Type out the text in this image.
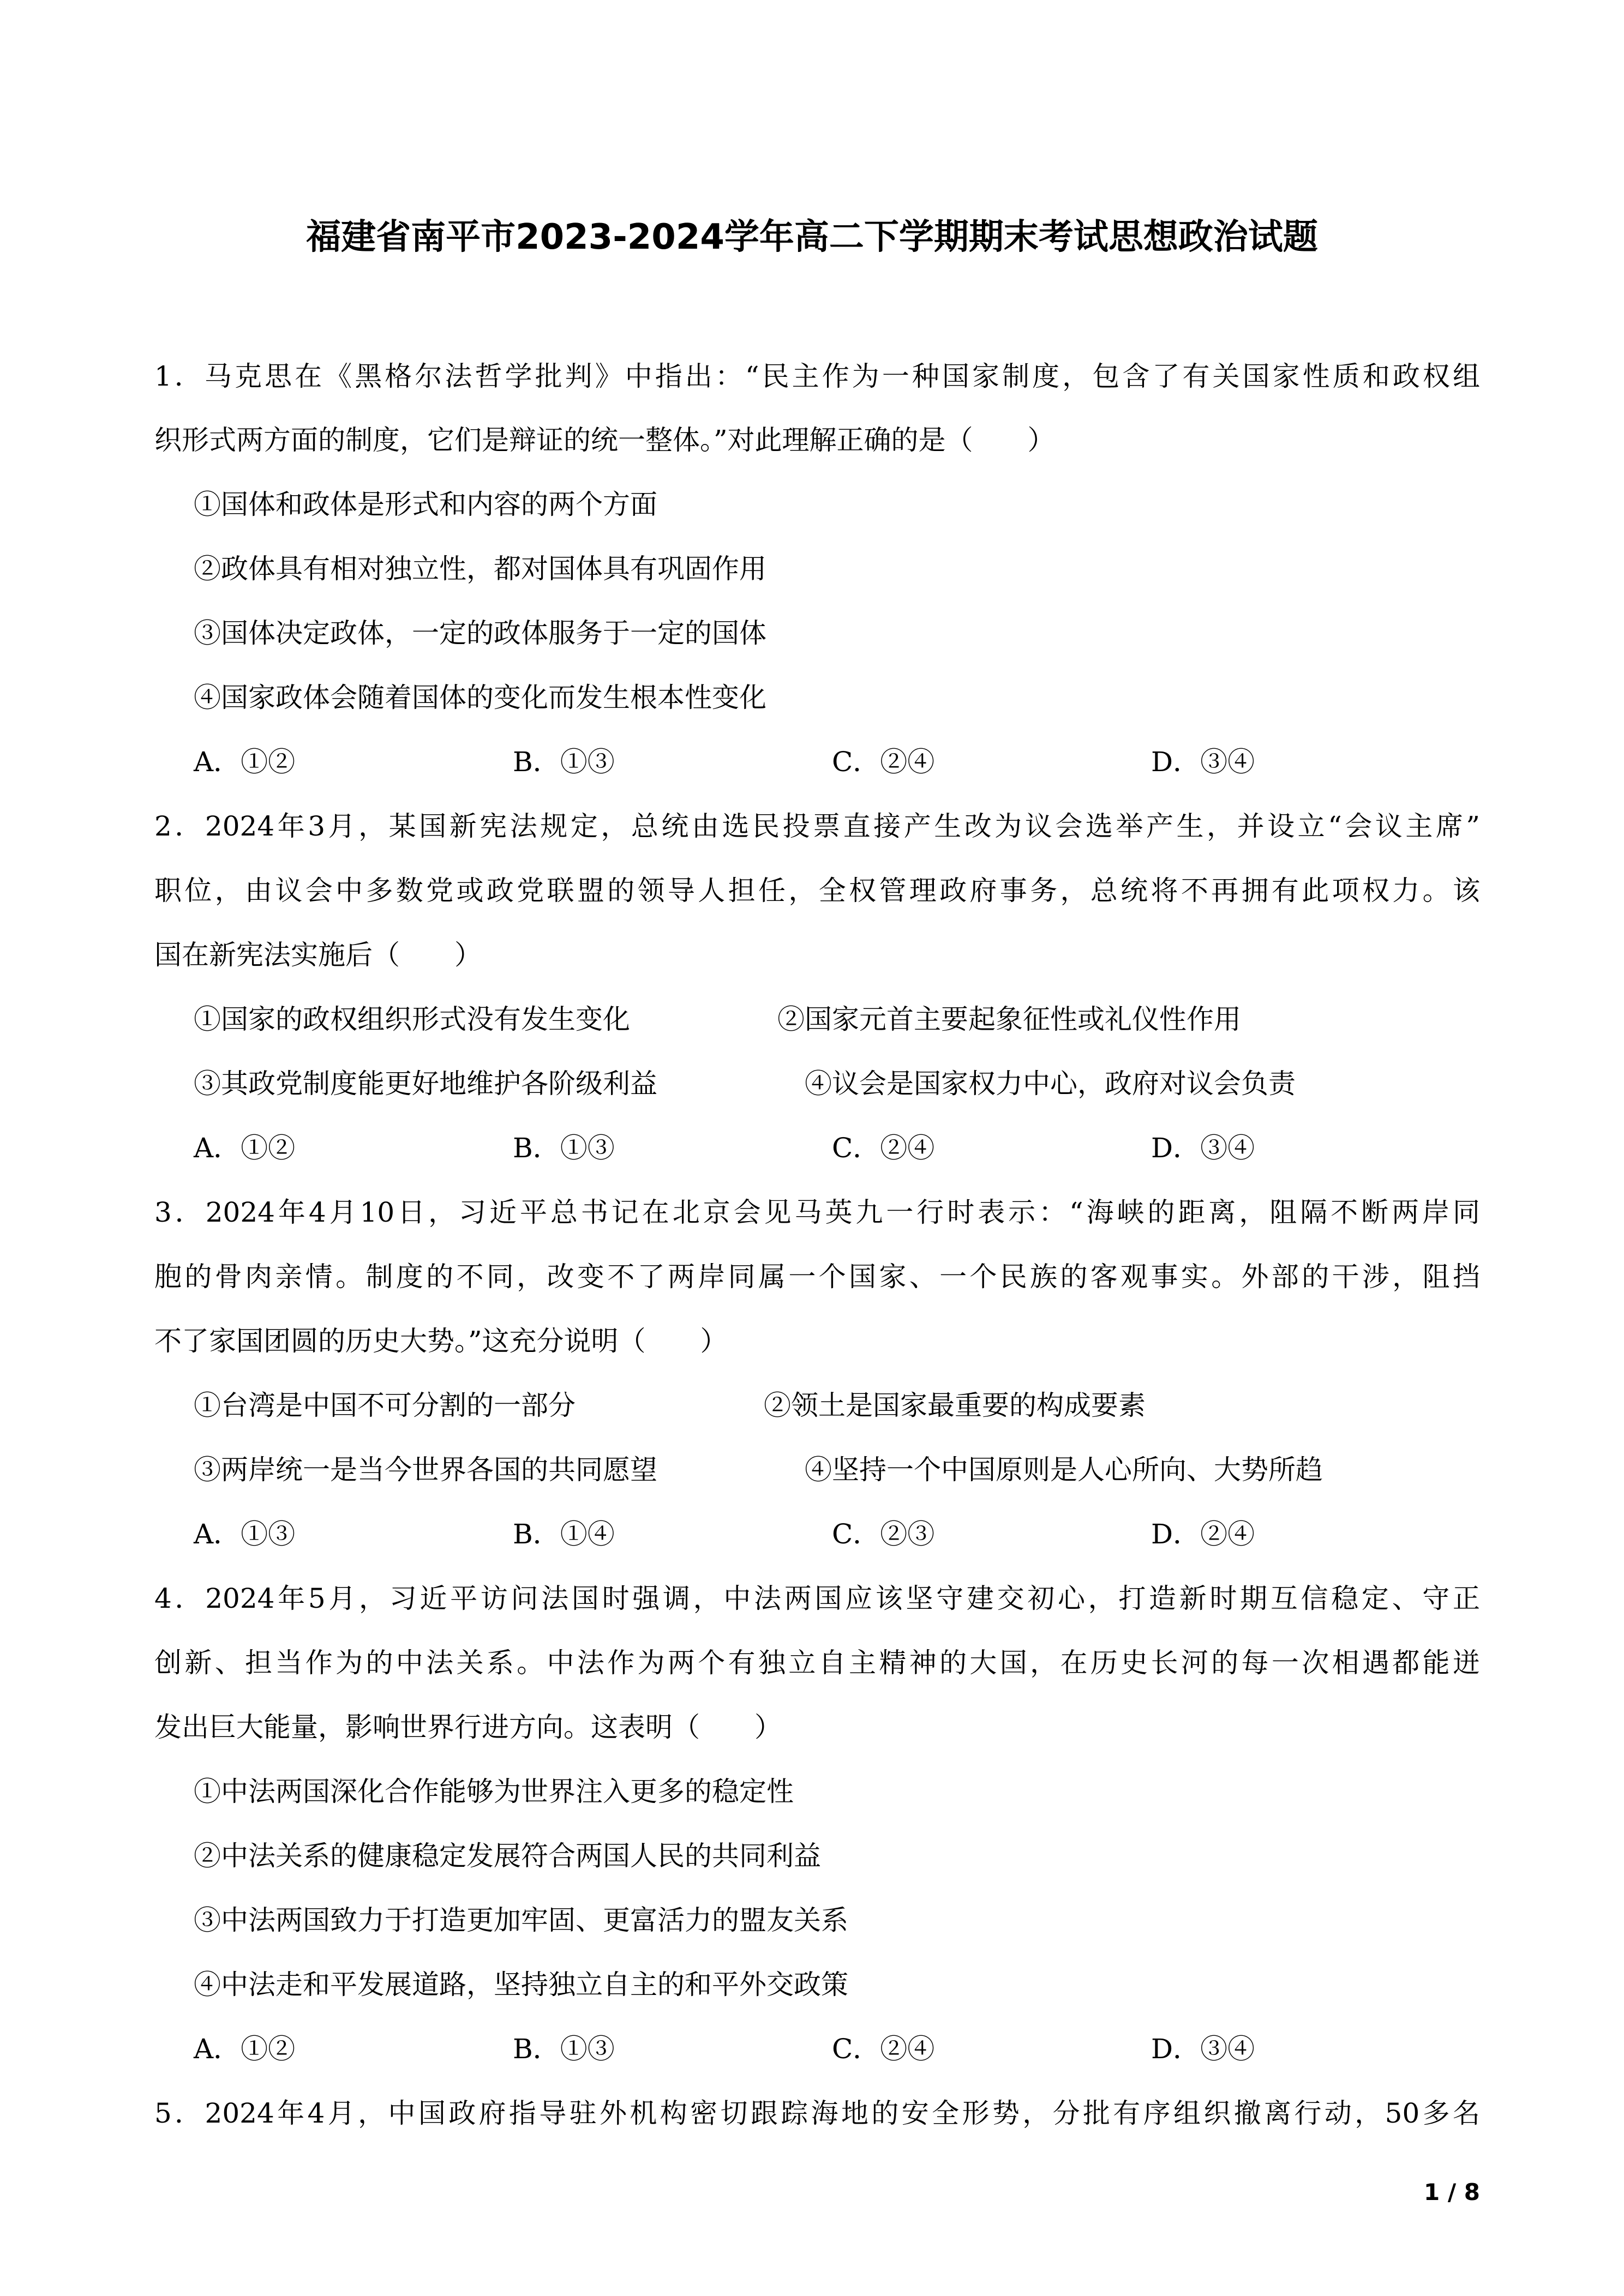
福建省南平市2023-2024学年高二下学期期末考试思想政治试题
1．马克思在《黑格尔法哲学批判》中指出：“民主作为一种国家制度，包含了有关国家性质和政权组
织形式两方面的制度，它们是辩证的统一整体。”对此理解正确的是（　　）
①国体和政体是形式和内容的两个方面
②政体具有相对独立性，都对国体具有巩固作用
③国体决定政体，一定的政体服务于一定的国体
④国家政体会随着国体的变化而发生根本性变化
A．①②	B．①③	C．②④	D．③④
2．2024年3月，某国新宪法规定，总统由选民投票直接产生改为议会选举产生，并设立“会议主席”
职位，由议会中多数党或政党联盟的领导人担任，全权管理政府事务，总统将不再拥有此项权力。该
国在新宪法实施后（　　）
①国家的政权组织形式没有发生变化	②国家元首主要起象征性或礼仪性作用
③其政党制度能更好地维护各阶级利益	④议会是国家权力中心，政府对议会负责
A．①②	B．①③	C．②④	D．③④
3．2024年4月10日，习近平总书记在北京会见马英九一行时表示：“海峡的距离，阻隔不断两岸同
胞的骨肉亲情。制度的不同，改变不了两岸同属一个国家、一个民族的客观事实。外部的干涉，阻挡
不了家国团圆的历史大势。”这充分说明（　　）
①台湾是中国不可分割的一部分	②领土是国家最重要的构成要素
③两岸统一是当今世界各国的共同愿望	④坚持一个中国原则是人心所向、大势所趋
A．①③	B．①④	C．②③	D．②④
4．2024年5月，习近平访问法国时强调，中法两国应该坚守建交初心，打造新时期互信稳定、守正
创新、担当作为的中法关系。中法作为两个有独立自主精神的大国，在历史长河的每一次相遇都能迸
发出巨大能量，影响世界行进方向。这表明（　　）
①中法两国深化合作能够为世界注入更多的稳定性
②中法关系的健康稳定发展符合两国人民的共同利益
③中法两国致力于打造更加牢固、更富活力的盟友关系
④中法走和平发展道路，坚持独立自主的和平外交政策
A．①②	B．①③	C．②④	D．③④
5．2024年4月，中国政府指导驻外机构密切跟踪海地的安全形势，分批有序组织撤离行动，50多名
1 / 8
